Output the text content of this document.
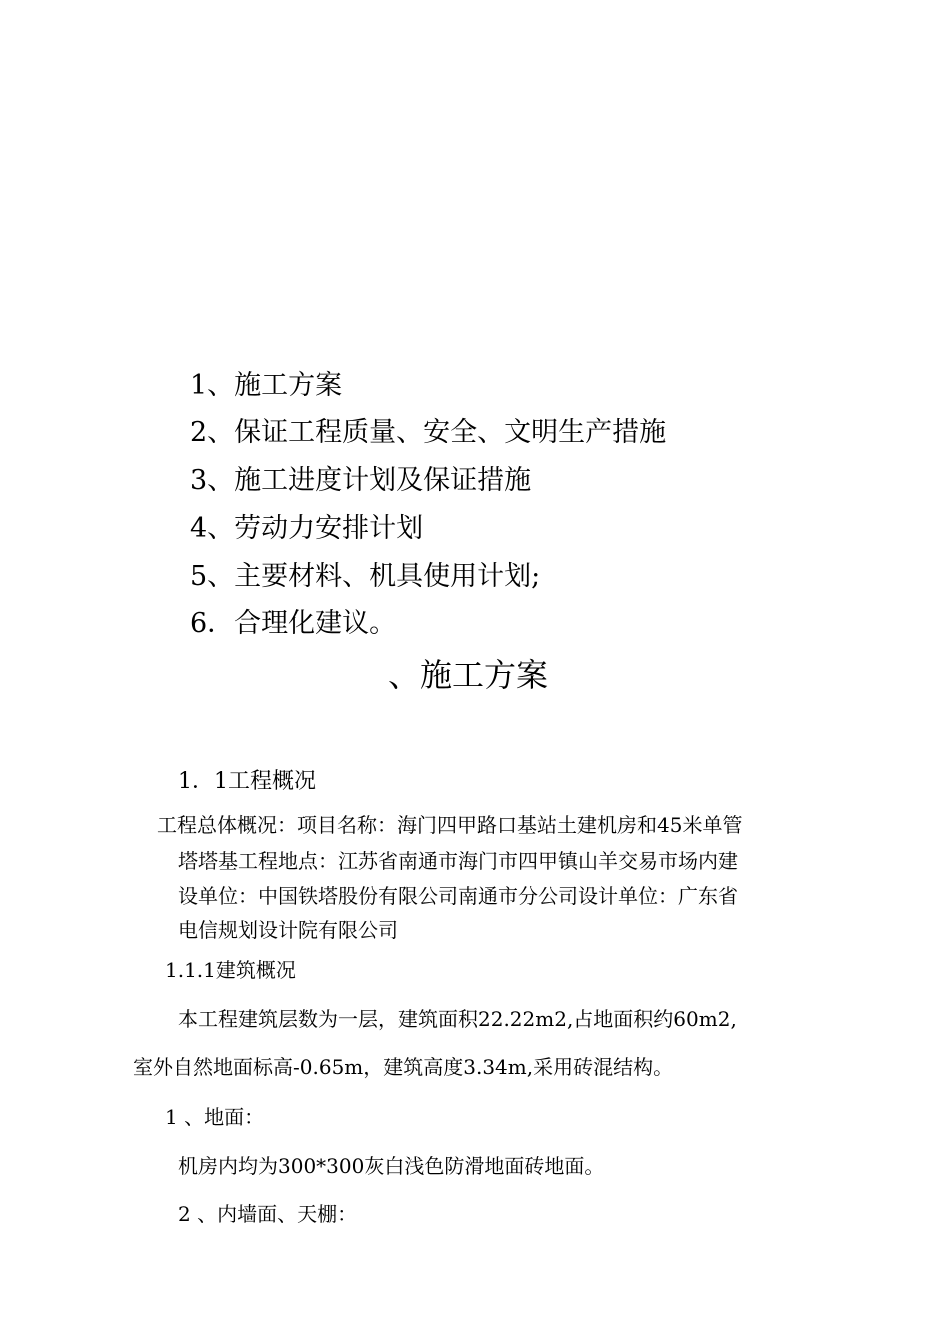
1、施工方案
2、保证工程质量、安全、文明生产措施
3、施工进度计划及保证措施
4、劳动力安排计划
5、主要材料、机具使用计划;
6．合理化建议。
、施工方案
1．1工程概况
工程总体概况：项目名称：海门四甲路口基站土建机房和45米单管
塔塔基工程地点：江苏省南通市海门市四甲镇山羊交易市场内建
设单位：中国铁塔股份有限公司南通市分公司设计单位：广东省
电信规划设计院有限公司
1.1.1建筑概况
本工程建筑层数为一层，建筑面积22.22m2,占地面积约60m2,
室外自然地面标高-0.65m，建筑高度3.34m,采用砖混结构。
1 、地面：
机房内均为300*300灰白浅色防滑地面砖地面。
2 、内墙面、天棚：
